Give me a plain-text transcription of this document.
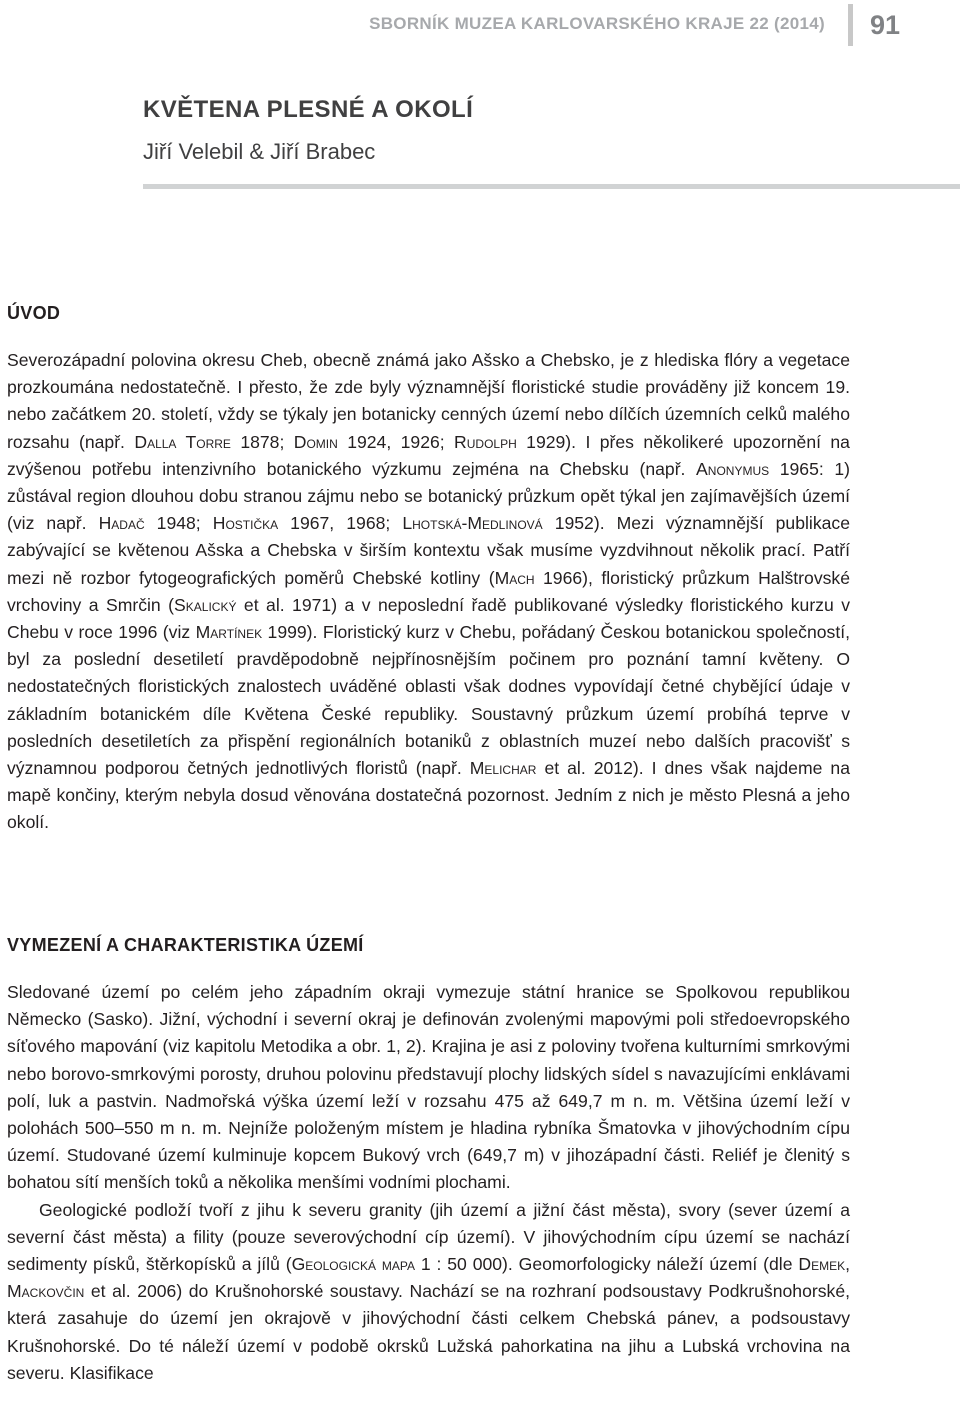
SBORNÍK MUZEA KARLOVARSKÉHO KRAJE 22 (2014) 91
KVĚTENA PLESNÉ A OKOLÍ
Jiří Velebil & Jiří Brabec
ÚVOD

Severozápadní polovina okresu Cheb, obecně známá jako Ašsko a Chebsko, je z hlediska flóry a vegetace prozkoumána nedostatečně. I přesto, že zde byly významnější floristické studie prováděny již koncem 19. nebo začátkem 20. století, vždy se týkaly jen botanicky cenných území nebo dílčích územních celků malého rozsahu (např. Dalla Torre 1878; Domin 1924, 1926; Rudolph 1929). I přes několikeré upozornění na zvýšenou potřebu intenzivního botanického výzkumu zejména na Chebsku (např. Anonymus 1965: 1) zůstával region dlouhou dobu stranou zájmu nebo se botanický průzkum opět týkal jen zajímavějších území (viz např. Hadač 1948; Hostička 1967, 1968; Lhotská-Medlinová 1952). Mezi významnější publikace zabývající se květenou Ašska a Chebska v širším kontextu však musíme vyzdvihnout několik prací. Patří mezi ně rozbor fytogeografických poměrů Chebské kotliny (Mach 1966), floristický průzkum Halštrovské vrchoviny a Smrčin (Skalický et al. 1971) a v neposlední řadě publikované výsledky floristického kurzu v Chebu v roce 1996 (viz Martínek 1999). Floristický kurz v Chebu, pořádaný Českou botanickou společností, byl za poslední desetiletí pravděpodobně nejpřínosnějším počinem pro poznání tamní květeny. O nedostatečných floristických znalostech uváděné oblasti však dodnes vypovídají četné chybějící údaje v základním botanickém díle Květena České republiky. Soustavný průzkum území probíhá teprve v posledních desetiletích za přispění regionálních botaniků z oblastních muzeí nebo dalších pracovišť s významnou podporou četných jednotlivých floristů (např. Melichar et al. 2012). I dnes však najdeme na mapě končiny, kterým nebyla dosud věnována dostatečná pozornost. Jedním z nich je město Plesná a jeho okolí.

VYMEZENÍ A CHARAKTERISTIKA ÚZEMÍ

Sledované území po celém jeho západním okraji vymezuje státní hranice se Spolkovou republikou Německo (Sasko). Jižní, východní i severní okraj je definován zvolenými mapovými poli středoevropského síťového mapování (viz kapitolu Metodika a obr. 1, 2). Krajina je asi z poloviny tvořena kulturními smrkovými nebo borovo-smrkovými porosty, druhou polovinu představují plochy lidských sídel s navazujícími enklávami polí, luk a pastvin. Nadmořská výška území leží v rozsahu 475 až 649,7 m n. m. Většina území leží v polohách 500–550 m n. m. Nejníže položeným místem je hladina rybníka Šmatovka v jihovýchodním cípu území. Studované území kulminuje kopcem Bukový vrch (649,7 m) v jihozápadní části. Reliéf je členitý s bohatou sítí menších toků a několika menšími vodními plochami.

Geologické podloží tvoří z jihu k severu granity (jih území a jižní část města), svory (sever území a severní část města) a fility (pouze severovýchodní cíp území). V jihovýchodním cípu území se nachází sedimenty písků, štěrkopísků a jílů (Geologická mapa 1 : 50 000). Geomorfologicky náleží území (dle Demek, Mackovčin et al. 2006) do Krušnohorské soustavy. Nachází se na rozhraní podsoustavy Podkrušnohorské, která zasahuje do území jen okrajově v jihovýchodní části celkem Chebská pánev, a podsoustavy Krušnohorské. Do té náleží území v podobě okrsků Lužská pahorkatina na jihu a Lubská vrchovina na severu. Klasifikace
